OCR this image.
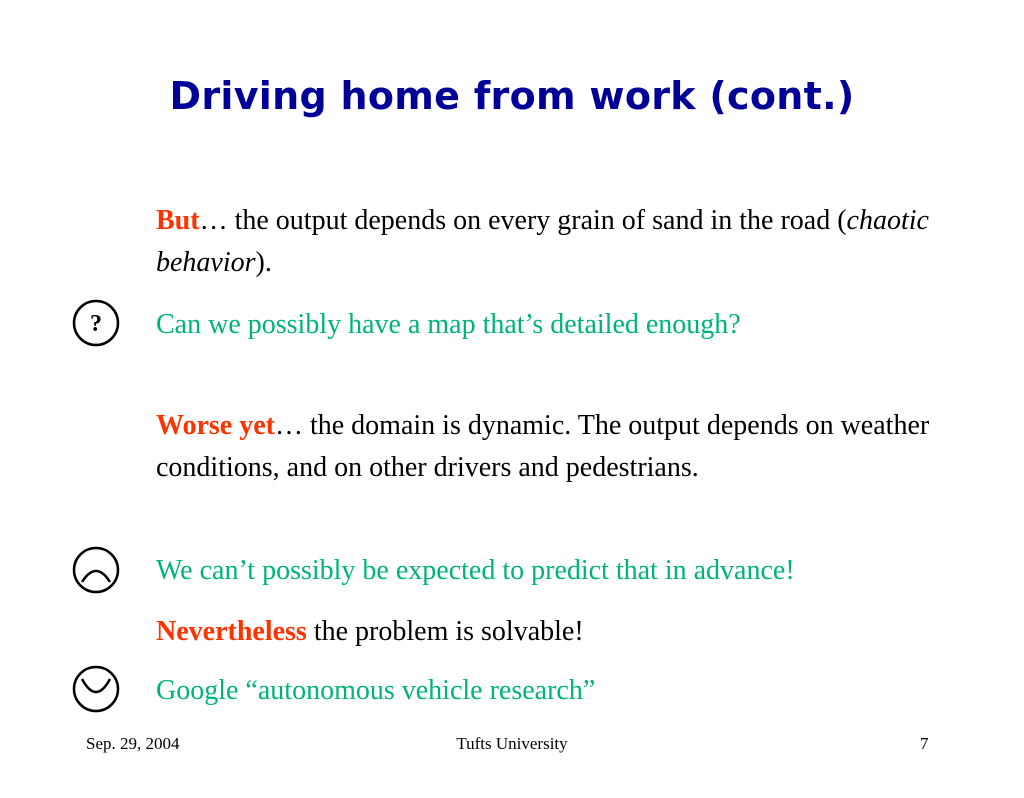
Driving home from work (cont.)

But… the output depends on every grain of sand in the road (chaotic behavior).

? Can we possibly have a map that’s detailed enough?

Worse yet… the domain is dynamic. The output depends on weather conditions, and on other drivers and pedestrians.

We can’t possibly be expected to predict that in advance!

Nevertheless the problem is solvable!

Google “autonomous vehicle research”

Sep. 29, 2004	Tufts University	7
